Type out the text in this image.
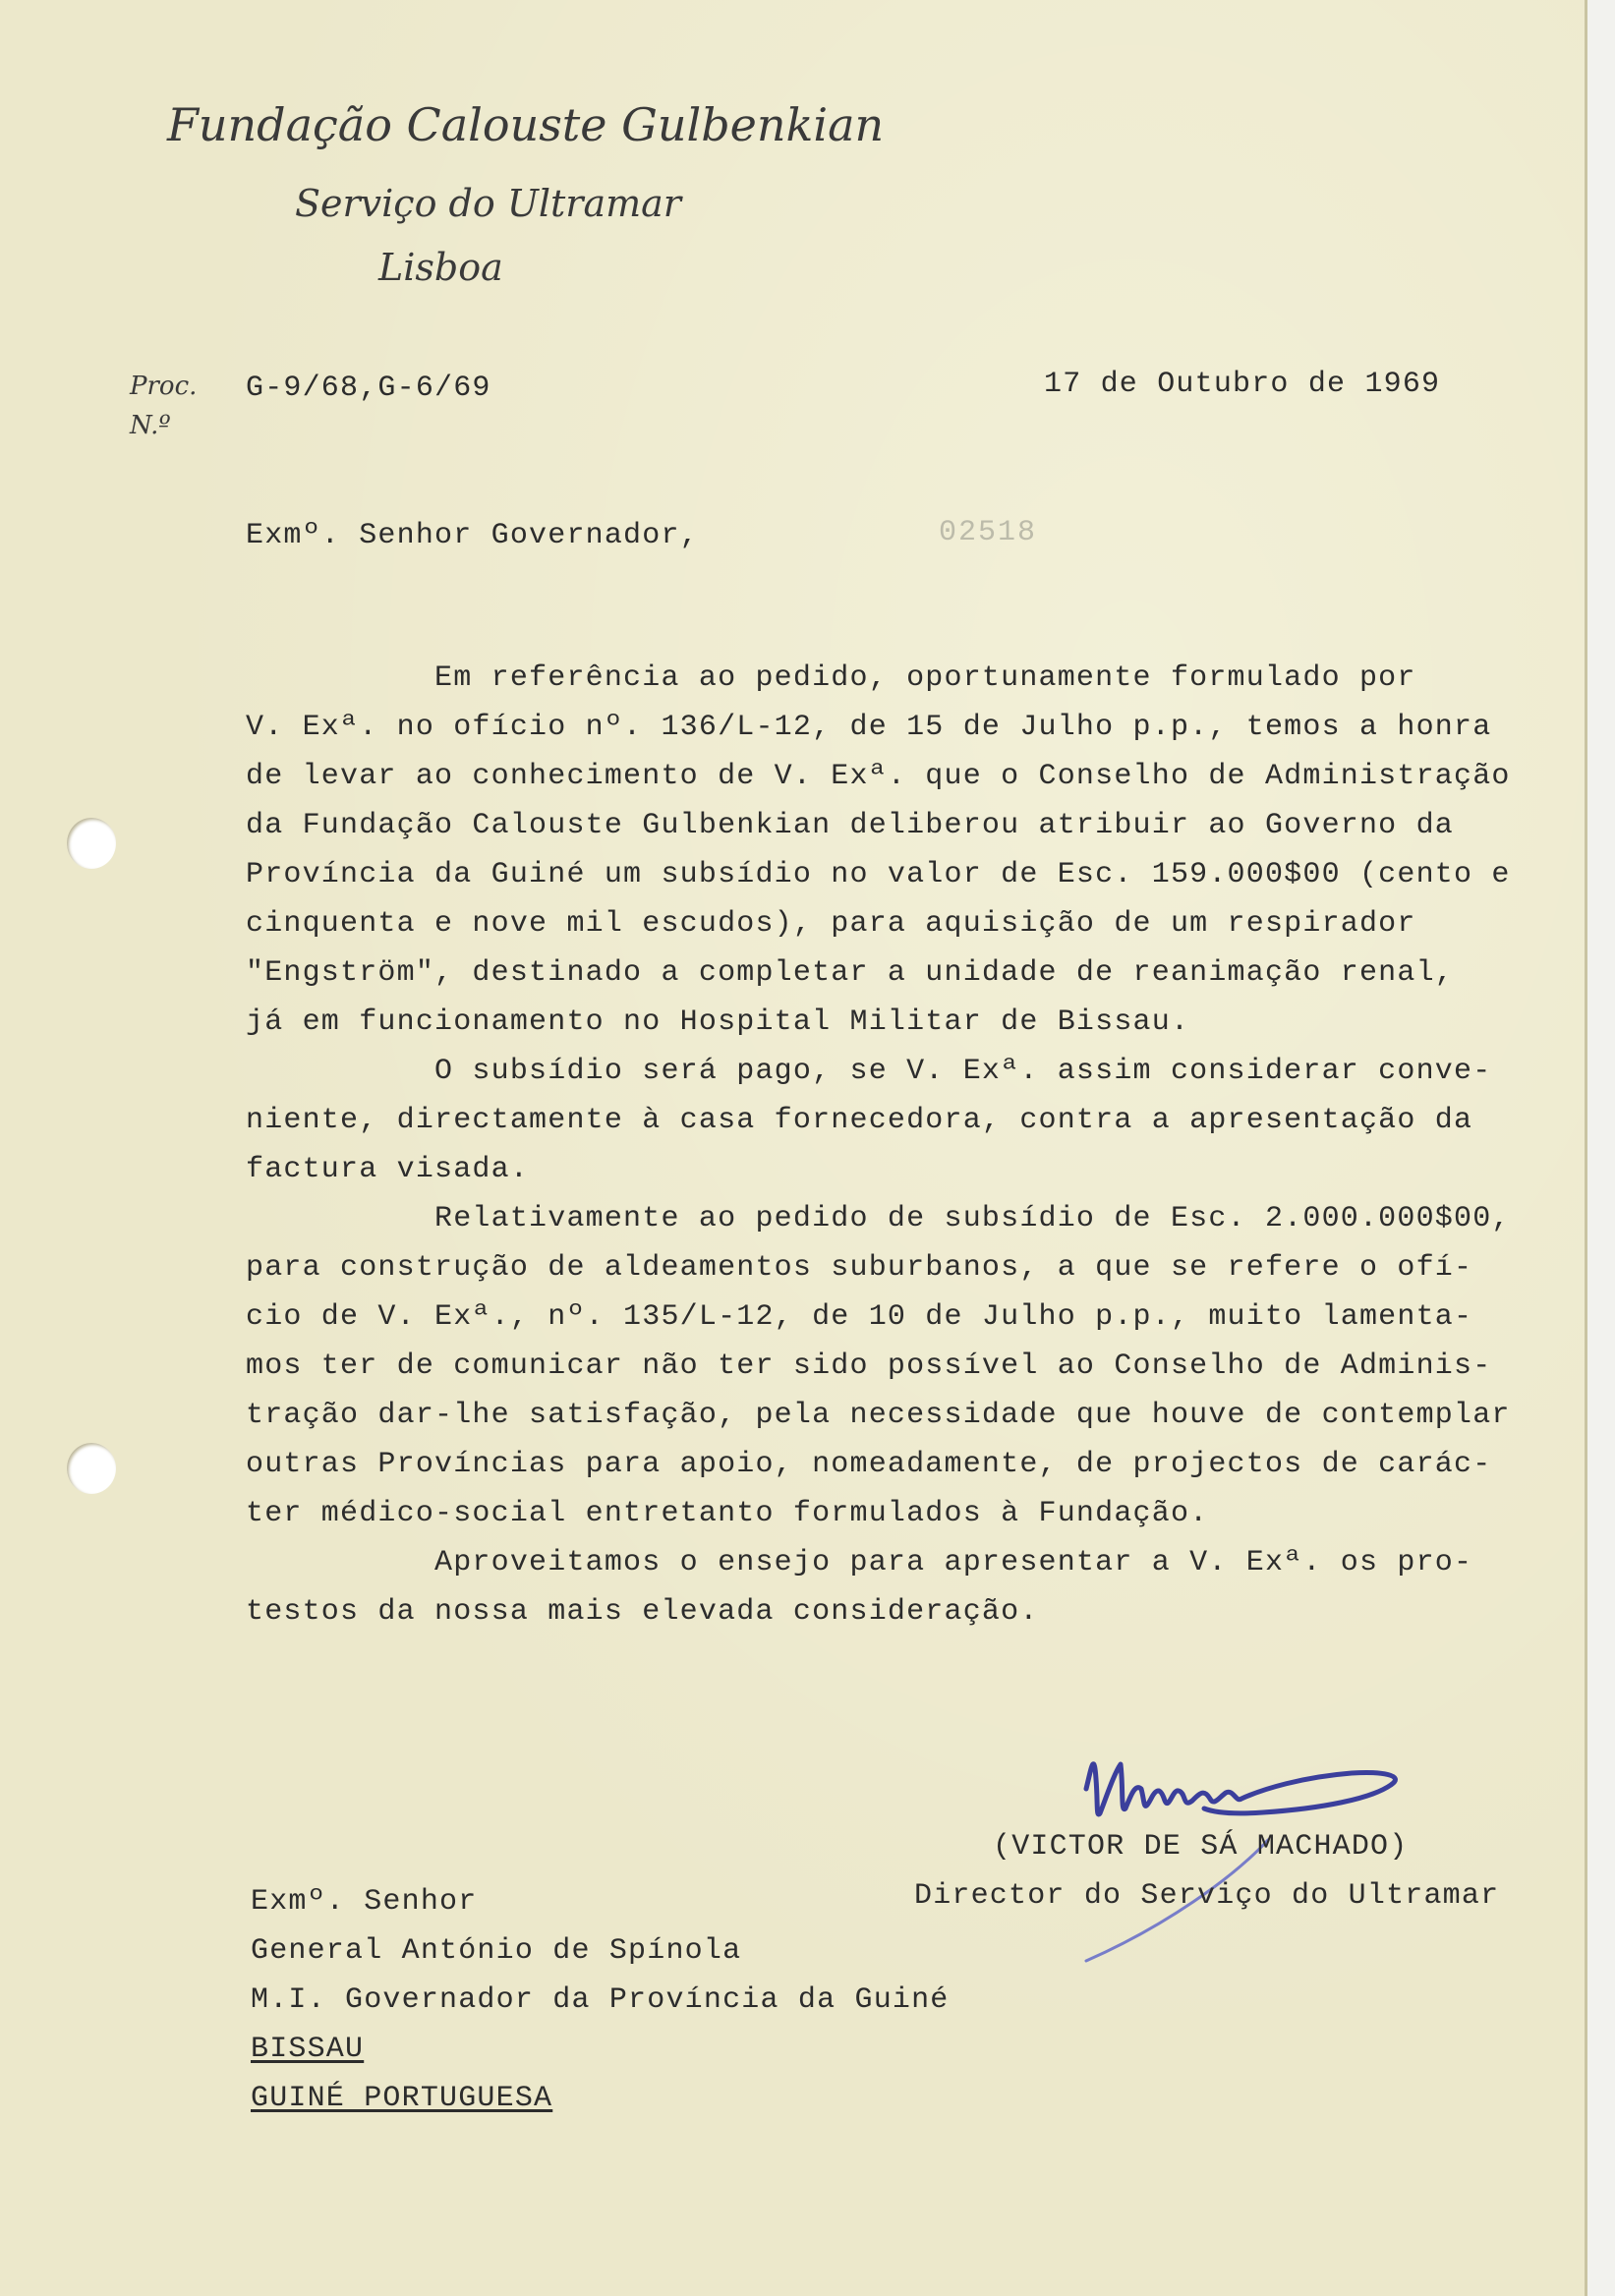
Fundação Calouste Gulbenkian
Serviço do Ultramar
Lisboa
Proc.
N.º
G-9/68,G-6/69	17 de Outubro de 1969
02518
Exmº. Senhor Governador,
Em referência ao pedido, oportunamente formulado por
V. Exª. no ofício nº. 136/L-12, de 15 de Julho p.p., temos a honra
de levar ao conhecimento de V. Exª. que o Conselho de Administração
da Fundação Calouste Gulbenkian deliberou atribuir ao Governo da
Província da Guiné um subsídio no valor de Esc. 159.000$00 (cento e
cinquenta e nove mil escudos), para aquisição de um respirador
"Engström", destinado a completar a unidade de reanimação renal,
já em funcionamento no Hospital Militar de Bissau.
O subsídio será pago, se V. Exª. assim considerar conve-
niente, directamente à casa fornecedora, contra a apresentação da
factura visada.
Relativamente ao pedido de subsídio de Esc. 2.000.000$00,
para construção de aldeamentos suburbanos, a que se refere o ofí-
cio de V. Exª., nº. 135/L-12, de 10 de Julho p.p., muito lamenta-
mos ter de comunicar não ter sido possível ao Conselho de Adminis-
tração dar-lhe satisfação, pela necessidade que houve de contemplar
outras Províncias para apoio, nomeadamente, de projectos de carác-
ter médico-social entretanto formulados à Fundação.
Aproveitamos o ensejo para apresentar a V. Exª. os pro-
testos da nossa mais elevada consideração.
(VICTOR DE SÁ MACHADO)
Director do Serviço do Ultramar
Exmº. Senhor
General António de Spínola
M.I. Governador da Província da Guiné
BISSAU
GUINÉ PORTUGUESA
